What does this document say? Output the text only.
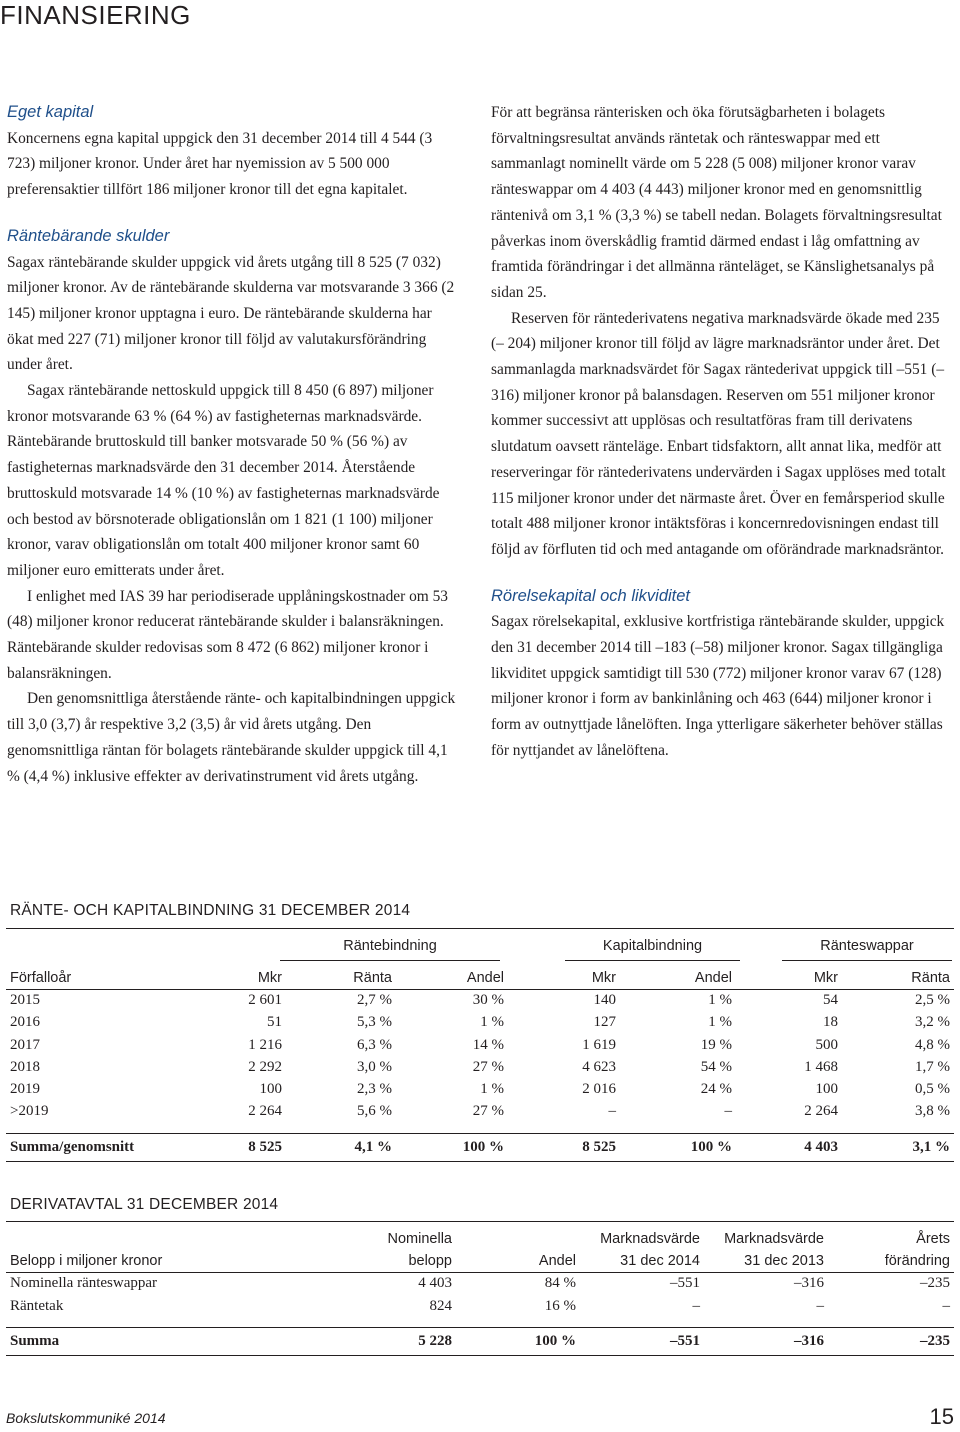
FINANSIERING
Eget kapital

Koncernens egna kapital uppgick den 31 december 2014 till 4 544 (3 723) miljoner kronor. Under året har nyemission av 5 500 000 preferensaktier tillfört 186 miljoner kronor till det egna kapitalet.

Räntebärande skulder

Sagax räntebärande skulder uppgick vid årets utgång till 8 525 (7 032) miljoner kronor. Av de räntebärande skulderna var motsvarande 3 366 (2 145) miljoner kronor upptagna i euro. De räntebärande skulderna har ökat med 227 (71) miljoner kronor till följd av valutakursförändring under året.

Sagax räntebärande nettoskuld uppgick till 8 450 (6 897) miljoner kronor motsvarande 63 % (64 %) av fastigheternas marknadsvärde. Räntebärande bruttoskuld till banker motsvarade 50 % (56 %) av fastigheternas marknadsvärde den 31 december 2014. Återstående bruttoskuld motsvarade 14 % (10 %) av fastigheternas marknadsvärde och bestod av börsnoterade obligationslån om 1 821 (1 100) miljoner kronor, varav obligationslån om totalt 400 miljoner kronor samt 60 miljoner euro emitterats under året.

I enlighet med IAS 39 har periodiserade upplåningskostnader om 53 (48) miljoner kronor reducerat räntebärande skulder i balansräkningen. Räntebärande skulder redovisas som 8 472 (6 862) miljoner kronor i balansräkningen.

Den genomsnittliga återstående ränte- och kapitalbindningen uppgick till 3,0 (3,7) år respektive 3,2 (3,5) år vid årets utgång. Den genomsnittliga räntan för bolagets räntebärande skulder uppgick till 4,1 % (4,4 %) inklusive effekter av derivatinstrument vid årets utgång.

För att begränsa ränterisken och öka förutsägbarheten i bolagets förvaltningsresultat används räntetak och ränteswappar med ett sammanlagt nominellt värde om 5 228 (5 008) miljoner kronor varav ränteswappar om 4 403 (4 443) miljoner kronor med en genomsnittlig räntenivå om 3,1 % (3,3 %) se tabell nedan. Bolagets förvaltningsresultat påverkas inom överskådlig framtid därmed endast i låg omfattning av framtida förändringar i det allmänna ränteläget, se Känslighetsanalys på sidan 25.

Reserven för räntederivatens negativa marknadsvärde ökade med 235 (– 204) miljoner kronor till följd av lägre marknadsräntor under året. Det sammanlagda marknadsvärdet för Sagax räntederivat uppgick till –551 (–316) miljoner kronor på balansdagen. Reserven om 551 miljoner kronor kommer successivt att upplösas och resultatföras fram till derivatens slutdatum oavsett ränteläge. Enbart tidsfaktorn, allt annat lika, medför att reserveringar för räntederivatens undervärden i Sagax upplöses med totalt 115 miljoner kronor under det närmaste året. Över en femårsperiod skulle totalt 488 miljoner kronor intäktsföras i koncernredovisningen endast till följd av förfluten tid och med antagande om oförändrade marknadsräntor.

Rörelsekapital och likviditet

Sagax rörelsekapital, exklusive kortfristiga räntebärande skulder, uppgick den 31 december 2014 till –183 (–58) miljoner kronor. Sagax tillgängliga likviditet uppgick samtidigt till 530 (772) miljoner kronor varav 67 (128) miljoner kronor i form av bankinlåning och 463 (644) miljoner kronor i form av outnyttjade lånelöften. Inga ytterligare säkerheter behöver ställas för nyttjandet av lånelöftena.

RÄNTE- OCH KAPITALBINDNING 31 DECEMBER 2014
Räntebindning	Kapitalbindning	Ränteswappar
Förfalloår	Mkr	Ränta	Andel	Mkr	Andel	Mkr	Ränta
2015	2 601	2,7 %	30 %	140	1 %	54	2,5 %
2016	51	5,3 %	1 %	127	1 %	18	3,2 %
2017	1 216	6,3 %	14 %	1 619	19 %	500	4,8 %
2018	2 292	3,0 %	27 %	4 623	54 %	1 468	1,7 %
2019	100	2,3 %	1 %	2 016	24 %	100	0,5 %
>2019	2 264	5,6 %	27 %	–	–	2 264	3,8 %

Summa/genomsnitt	8 525	4,1 %	100 %	8 525	100 %	4 403	3,1 %
DERIVATAVTAL 31 DECEMBER 2014
	Nominella		Marknadsvärde	Marknadsvärde	Årets
Belopp i miljoner kronor	belopp	Andel	31 dec 2014	31 dec 2013	förändring
Nominella ränteswappar	4 403	84 %	–551	–316	–235
Räntetak	824	16 %	–	–	–

Summa	5 228	100 %	–551	–316	–235
Bokslutskommuniké 2014	15
